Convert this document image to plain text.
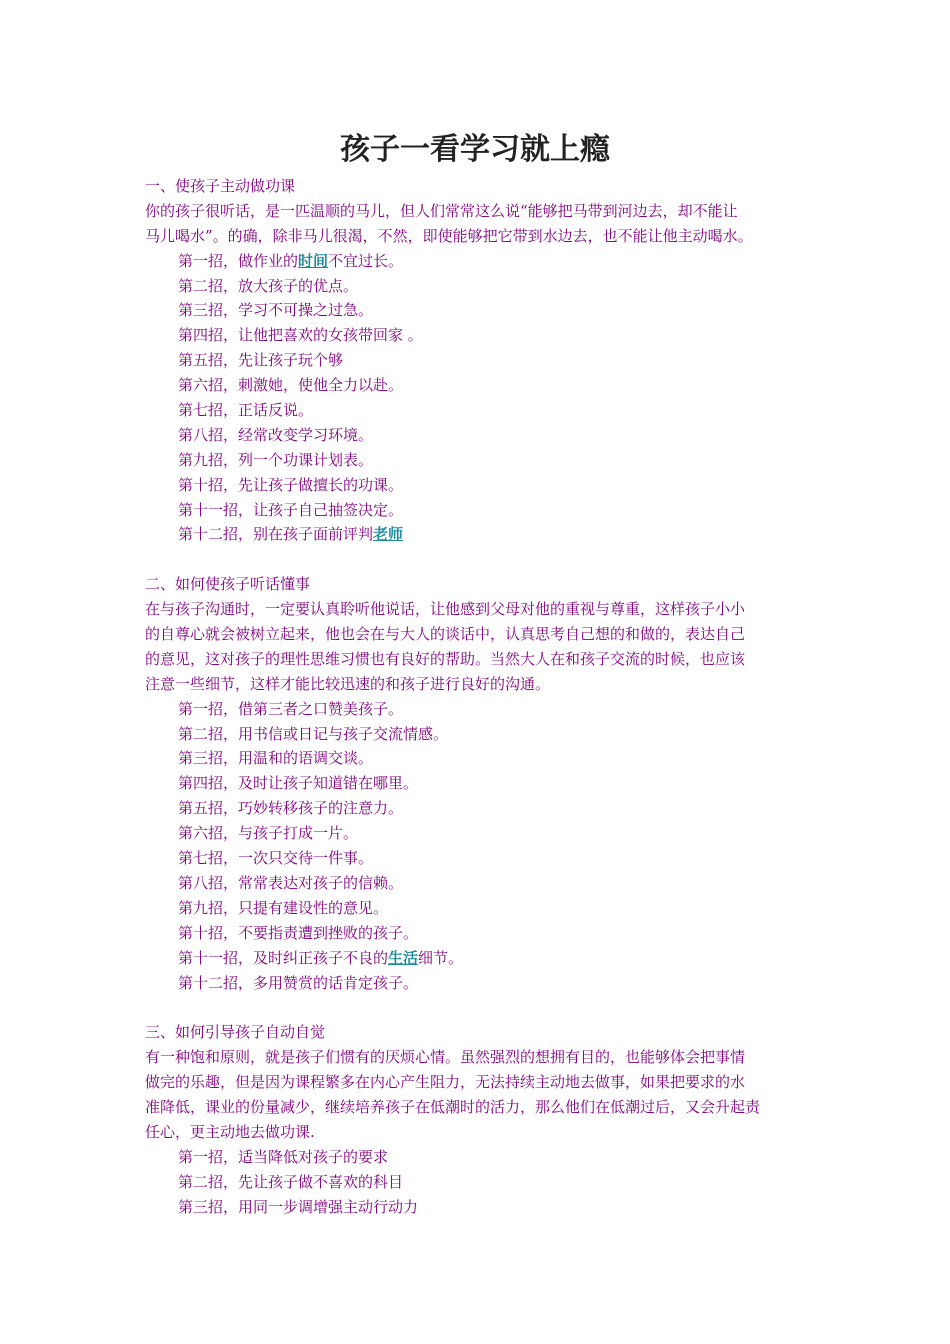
孩子一看学习就上瘾
一、使孩子主动做功课
你的孩子很听话，是一匹温顺的马儿，但人们常常这么说“能够把马带到河边去，却不能让
马儿喝水”。的确，除非马儿很渴，不然，即使能够把它带到水边去，也不能让他主动喝水。
第一招，做作业的时间不宜过长。
第二招，放大孩子的优点。
第三招，学习不可操之过急。
第四招，让他把喜欢的女孩带回家 。
第五招，先让孩子玩个够
第六招，刺激她，使他全力以赴。
第七招，正话反说。
第八招，经常改变学习环境。
第九招，列一个功课计划表。
第十招，先让孩子做擅长的功课。
第十一招，让孩子自己抽签决定。
第十二招，别在孩子面前评判老师
二、如何使孩子听话懂事
在与孩子沟通时，一定要认真聆听他说话，让他感到父母对他的重视与尊重，这样孩子小小
的自尊心就会被树立起来，他也会在与大人的谈话中，认真思考自己想的和做的，表达自己
的意见，这对孩子的理性思维习惯也有良好的帮助。当然大人在和孩子交流的时候，也应该
注意一些细节，这样才能比较迅速的和孩子进行良好的沟通。
第一招，借第三者之口赞美孩子。
第二招，用书信或日记与孩子交流情感。
第三招，用温和的语调交谈。
第四招，及时让孩子知道错在哪里。
第五招，巧妙转移孩子的注意力。
第六招，与孩子打成一片。
第七招，一次只交待一件事。
第八招，常常表达对孩子的信赖。
第九招，只提有建设性的意见。
第十招，不要指责遭到挫败的孩子。
第十一招，及时纠正孩子不良的生活细节。
第十二招，多用赞赏的话肯定孩子。
三、如何引导孩子自动自觉
有一种饱和原则，就是孩子们惯有的厌烦心情。虽然强烈的想拥有目的，也能够体会把事情
做完的乐趣，但是因为课程繁多在内心产生阻力，无法持续主动地去做事，如果把要求的水
准降低，课业的份量减少，继续培养孩子在低潮时的活力，那么他们在低潮过后，又会升起责
任心，更主动地去做功课.
第一招，适当降低对孩子的要求
第二招，先让孩子做不喜欢的科目
第三招，用同一步调增强主动行动力
